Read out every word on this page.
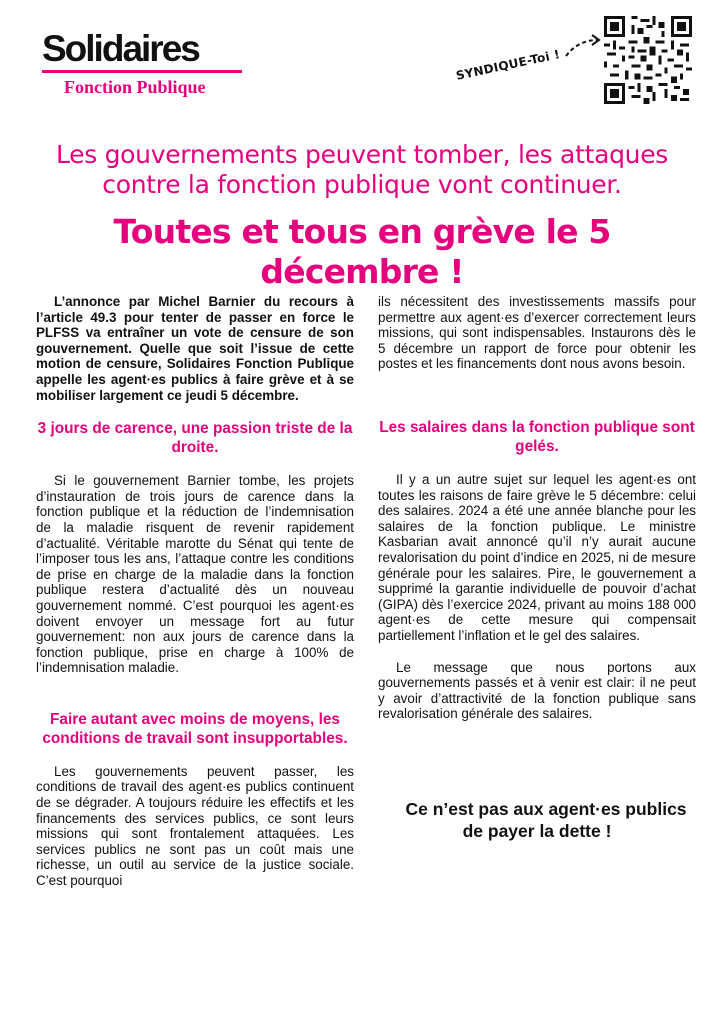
Solidaires
Fonction Publique
SYNDIQUE-Toi !
Les gouvernements peuvent tomber, les attaques
contre la fonction publique vont continuer.
Toutes et tous en grève le 5 décembre !

L’annonce par Michel Barnier du recours à l’article 49.3 pour tenter de passer en force le PLFSS va entraîner un vote de censure de son gouvernement. Quelle que soit l’issue de cette motion de censure, Solidaires Fonction Publique appelle les agent·es publics à faire grève et à se mobiliser largement ce jeudi 5 décembre.

3 jours de carence, une passion triste de la droite.

Si le gouvernement Barnier tombe, les projets d’instauration de trois jours de carence dans la fonction publique et la réduction de l’indemnisation de la maladie risquent de revenir rapidement d’actualité. Véritable marotte du Sénat qui tente de l’imposer tous les ans, l’attaque contre les conditions de prise en charge de la maladie dans la fonction publique restera d’actualité dès un nouveau gouvernement nommé. C’est pourquoi les agent·es doivent envoyer un message fort au futur gouvernement: non aux jours de carence dans la fonction publique, prise en charge à 100% de l’indemnisation maladie.

Faire autant avec moins de moyens, les conditions de travail sont insupportables.

Les gouvernements peuvent passer, les conditions de travail des agent·es publics continuent de se dégrader. A toujours réduire les effectifs et les financements des services publics, ce sont leurs missions qui sont frontalement attaquées. Les services publics ne sont pas un coût mais une richesse, un outil au service de la justice sociale. C’est pourquoi

ils nécessitent des investissements massifs pour permettre aux agent·es d’exercer correctement leurs missions, qui sont indispensables. Instaurons dès le 5 décembre un rapport de force pour obtenir les postes et les financements dont nous avons besoin.

Les salaires dans la fonction publique sont gelés.

Il y a un autre sujet sur lequel les agent·es ont toutes les raisons de faire grève le 5 décembre: celui des salaires. 2024 a été une année blanche pour les salaires de la fonction publique. Le ministre Kasbarian avait annoncé qu’il n’y aurait aucune revalorisation du point d’indice en 2025, ni de mesure générale pour les salaires. Pire, le gouvernement a supprimé la garantie individuelle de pouvoir d’achat (GIPA) dès l’exercice 2024, privant au moins 188 000 agent·es de cette mesure qui compensait partiellement l’inflation et le gel des salaires.

Le message que nous portons aux gouvernements passés et à venir est clair: il ne peut y avoir d’attractivité de la fonction publique sans revalorisation générale des salaires.

Ce n’est pas aux agent·es publics de payer la dette !
